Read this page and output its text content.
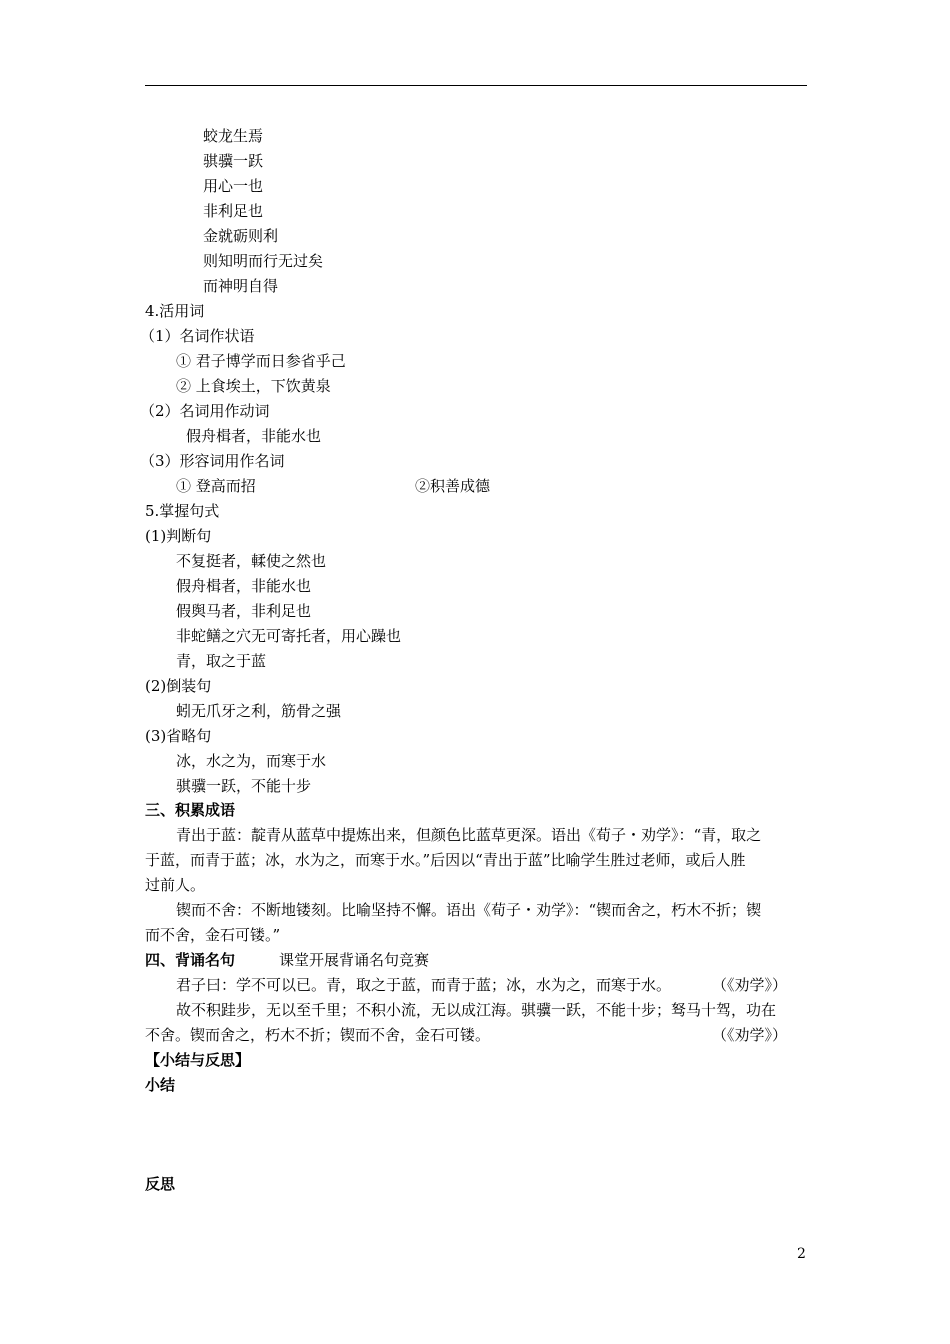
蛟龙生焉
骐骥一跃
用心一也
非利足也
金就砺则利
则知明而行无过矣
而神明自得
4.活用词
（1）名词作状语
① 君子博学而日参省乎己
② 上食埃土，下饮黄泉
（2）名词用作动词
假舟楫者，非能水也
（3）形容词用作名词
① 登高而招	②积善成德
5.掌握句式
(1)判断句
不复挺者，輮使之然也
假舟楫者，非能水也
假舆马者，非利足也
非蛇鳝之穴无可寄托者，用心躁也
青，取之于蓝
(2)倒装句
蚓无爪牙之利，筋骨之强
(3)省略句
冰，水之为，而寒于水
骐骥一跃，不能十步
三、积累成语
青出于蓝：靛青从蓝草中提炼出来，但颜色比蓝草更深。语出《荀子・劝学》：“青，取之
于蓝，而青于蓝；冰，水为之，而寒于水。”后因以“青出于蓝”比喻学生胜过老师，或后人胜
过前人。
锲而不舍：不断地镂刻。比喻坚持不懈。语出《荀子・劝学》：“锲而舍之，朽木不折；锲
而不舍，金石可镂。”
四、背诵名句	课堂开展背诵名句竞赛
君子曰：学不可以已。青，取之于蓝，而青于蓝；冰，水为之，而寒于水。	（《劝学》）
故不积跬步，无以至千里；不积小流，无以成江海。骐骥一跃，不能十步；驽马十驾，功在
不舍。锲而舍之，朽木不折；锲而不舍，金石可镂。	（《劝学》）
【小结与反思】
小结
反思
2
